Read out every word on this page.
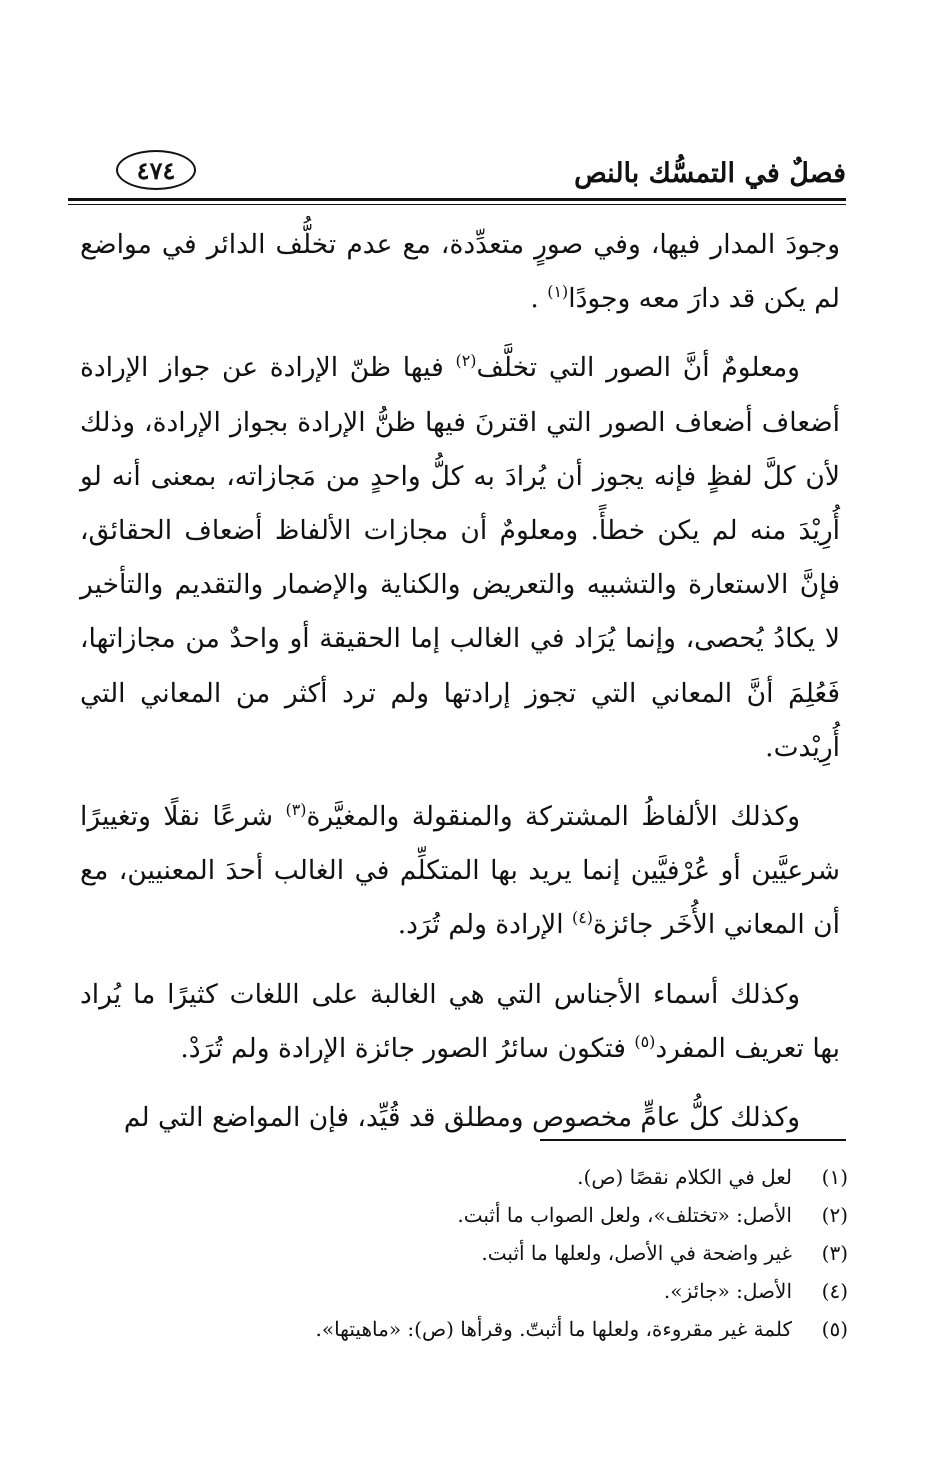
فصلٌ في التمسُّك بالنص
٤٧٤

وجودَ المدار فيها، وفي صورٍ متعدِّدة، مع عدم تخلُّف الدائر في مواضع لم يكن قد دارَ معه وجودًا$^{(١)}$ .

ومعلومٌ أنَّ الصور التي تخلَّف$^{(٢)}$ فيها ظنّ الإرادة عن جواز الإرادة أضعاف أضعاف الصور التي اقترنَ فيها ظنُّ الإرادة بجواز الإرادة، وذلك لأن كلَّ لفظٍ فإنه يجوز أن يُرادَ به كلُّ واحدٍ من مَجازاته، بمعنى أنه لو أُرِيْدَ منه لم يكن خطأً. ومعلومٌ أن مجازات الألفاظ أضعاف الحقائق، فإنَّ الاستعارة والتشبيه والتعريض والكناية والإضمار والتقديم والتأخير لا يكادُ يُحصى، وإنما يُرَاد في الغالب إما الحقيقة أو واحدٌ من مجازاتها، فَعُلِمَ أنَّ المعاني التي تجوز إرادتها ولم ترد أكثر من المعاني التي أُرِيْدت.

وكذلك الألفاظُ المشتركة والمنقولة والمغيَّرة$^{(٣)}$ شرعًا نقلًا وتغييرًا شرعيَّين أو عُرْفيَّين إنما يريد بها المتكلِّم في الغالب أحدَ المعنيين، مع أن المعاني الأُخَر جائزة$^{(٤)}$ الإرادة ولم تُرَد.

وكذلك أسماء الأجناس التي هي الغالبة على اللغات كثيرًا ما يُراد بها تعريف المفرد$^{(٥)}$ فتكون سائرُ الصور جائزة الإرادة ولم تُرَدْ.

وكذلك كلُّ عامٍّ مخصوص ومطلق قد قُيِّد، فإن المواضع التي لم

(١)
لعل في الكلام نقصًا (ص).
(٢)
الأصل: «تختلف»، ولعل الصواب ما أثبت.
(٣)
غير واضحة في الأصل، ولعلها ما أثبت.
(٤)
الأصل: «جائز».
(٥)
كلمة غير مقروءة، ولعلها ما أثبتّ. وقرأها (ص): «ماهيتها».
